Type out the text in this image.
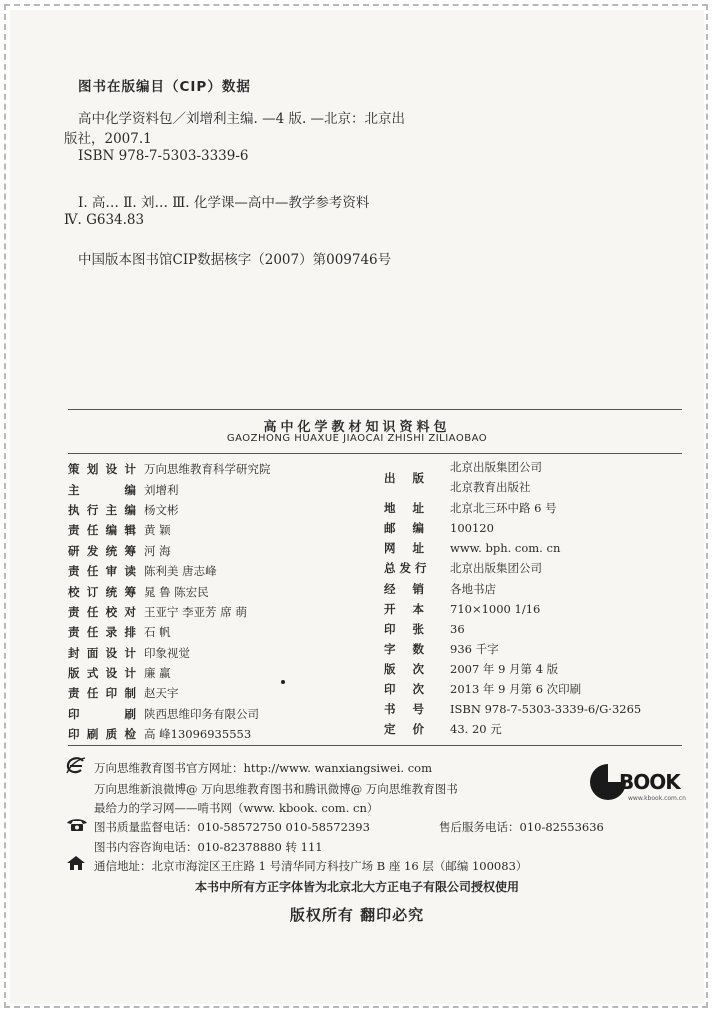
图书在版编目（CIP）数据
高中化学资料包／刘增利主编. —4 版. —北京：北京出
版社，2007.1
ISBN 978-7-5303-3339-6
Ⅰ. 高… Ⅱ. 刘… Ⅲ. 化学课—高中—教学参考资料
Ⅳ. G634.83
中国版本图书馆CIP数据核字（2007）第009746号
高中化学教材知识资料包
GAOZHONG HUAXUE JIAOCAI ZHISHI ZILIAOBAO
策划设计 万向思维教育科学研究院
主 编 刘增利
执行主编 杨文彬
责任编辑 黄 颖
研发统筹 河 海
责任审读 陈利美 唐志峰
校订统筹 晁 鲁 陈宏民
责任校对 王亚宁 李亚芳 席 萌
责任录排 石 帆
封面设计 印象视觉
版式设计 廉 赢
责任印制 赵天宇
印 刷 陕西思维印务有限公司
印刷质检 高 峰13096935553
出 版
北京出版集团公司
北京教育出版社
地 址 北京北三环中路 6 号
邮 编 100120
网 址 www. bph. com. cn
总 发 行 北京出版集团公司
经 销 各地书店
开 本 710×1000 1/16
印 张 36
字 数 936 千字
版 次 2007 年 9 月第 4 版
印 次 2013 年 9 月第 6 次印刷
书 号 ISBN 978-7-5303-3339-6/G·3265
定 价 43. 20 元
万向思维教育图书官方网址：http://www. wanxiangsiwei. com
万向思维新浪微博@ 万向思维教育图书和腾讯微博@ 万向思维教育图书
最给力的学习网——啃书网（www. kbook. com. cn）
图书质量监督电话：010-58572750 010-58572393	售后服务电话：010-82553636
图书内容咨询电话：010-82378880 转 111
通信地址：北京市海淀区王庄路 1 号清华同方科技广场 B 座 16 层（邮编 100083）
BOOK
www.kbook.com.cn
本书中所有方正字体皆为北京北大方正电子有限公司授权使用
版权所有 翻印必究
